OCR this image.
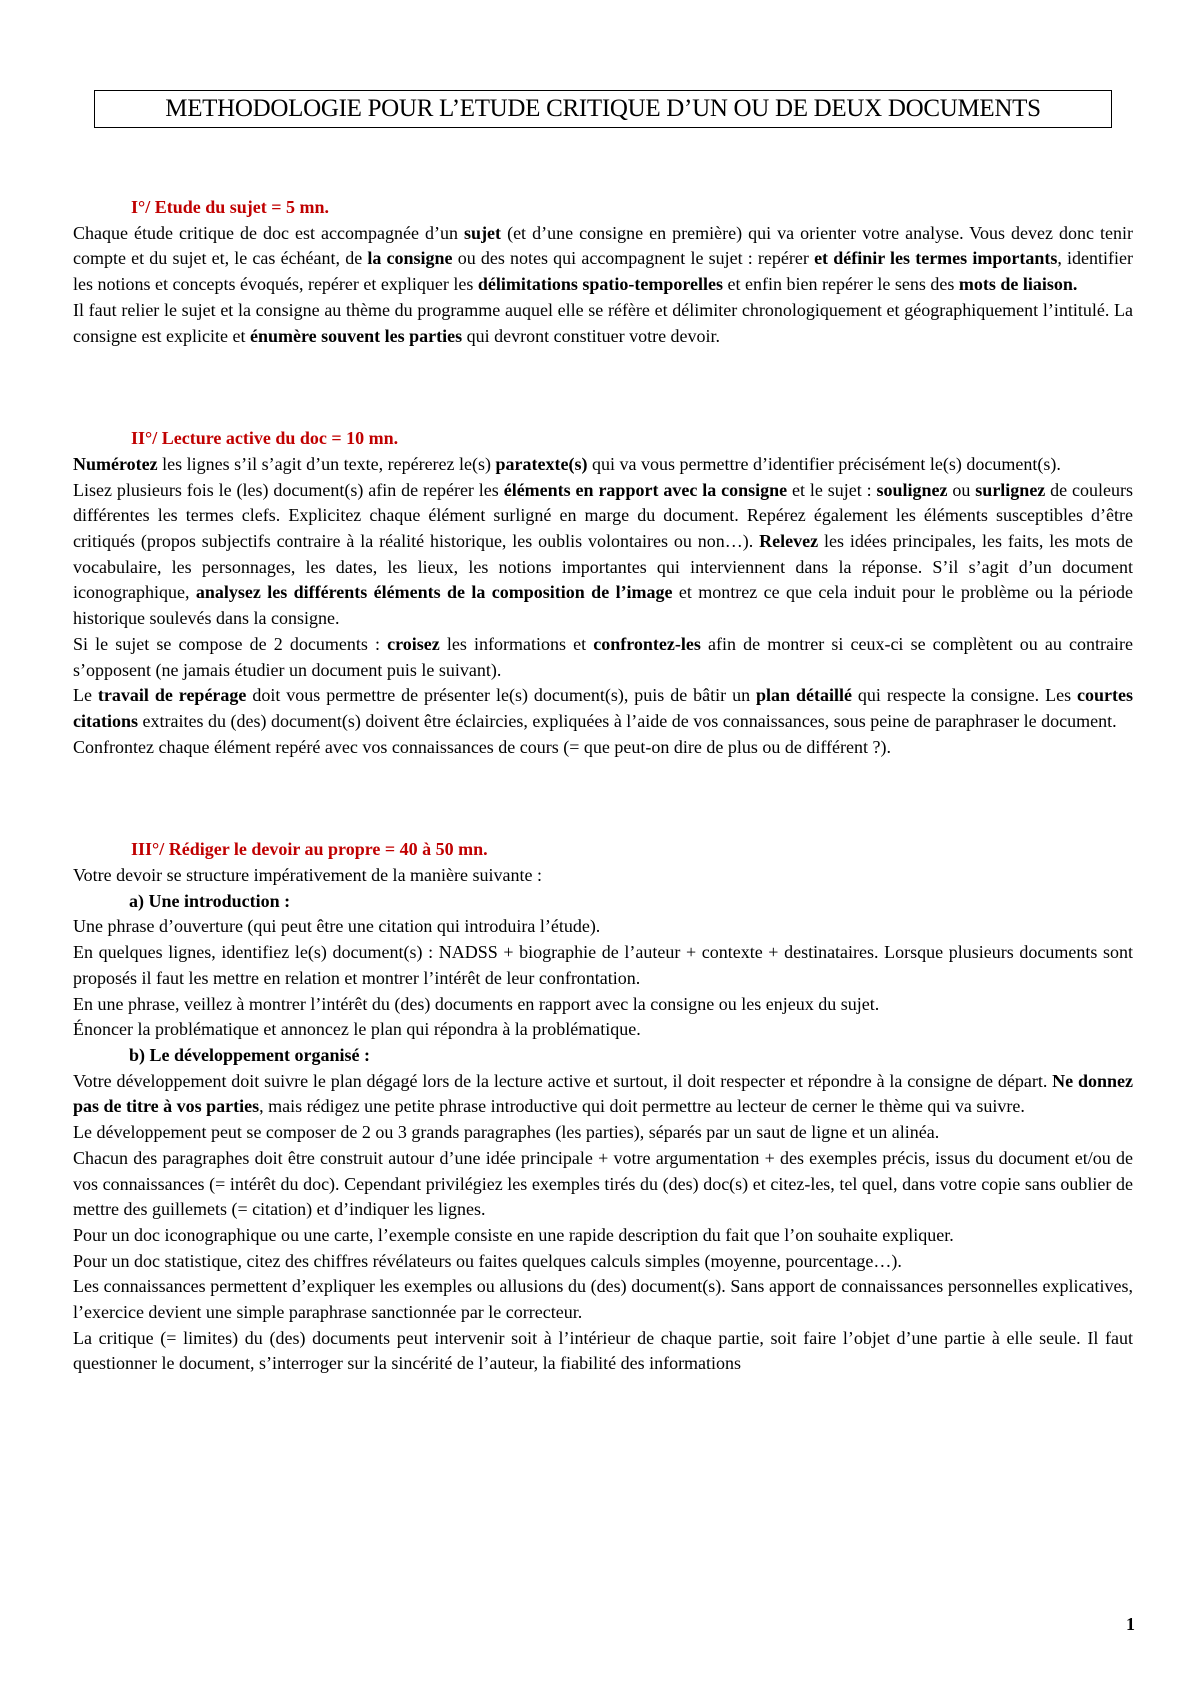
METHODOLOGIE POUR L’ETUDE CRITIQUE D’UN OU DE DEUX DOCUMENTS

I°/ Etude du sujet = 5 mn.

Chaque étude critique de doc est accompagnée d’un sujet (et d’une consigne en première) qui va orienter votre analyse. Vous devez donc tenir compte et du sujet et, le cas échéant, de la consigne ou des notes qui accompagnent le sujet : repérer et définir les termes importants, identifier les notions et concepts évoqués, repérer et expliquer les délimitations spatio-temporelles et enfin bien repérer le sens des mots de liaison.

Il faut relier le sujet et la consigne au thème du programme auquel elle se réfère et délimiter chronologiquement et géographiquement l’intitulé. La consigne est explicite et énumère souvent les parties qui devront constituer votre devoir.

II°/ Lecture active du doc = 10 mn.

Numérotez les lignes s’il s’agit d’un texte, repérerez le(s) paratexte(s) qui va vous permettre d’identifier précisément le(s) document(s).

Lisez plusieurs fois le (les) document(s) afin de repérer les éléments en rapport avec la consigne et le sujet : soulignez ou surlignez de couleurs différentes les termes clefs. Explicitez chaque élément surligné en marge du document. Repérez également les éléments susceptibles d’être critiqués (propos subjectifs contraire à la réalité historique, les oublis volontaires ou non…). Relevez les idées principales, les faits, les mots de vocabulaire, les personnages, les dates, les lieux, les notions importantes qui interviennent dans la réponse. S’il s’agit d’un document iconographique, analysez les différents éléments de la composition de l’image et montrez ce que cela induit pour le problème ou la période historique soulevés dans la consigne.

Si le sujet se compose de 2 documents : croisez les informations et confrontez-les afin de montrer si ceux-ci se complètent ou au contraire s’opposent (ne jamais étudier un document puis le suivant).

Le travail de repérage doit vous permettre de présenter le(s) document(s), puis de bâtir un plan détaillé qui respecte la consigne. Les courtes citations extraites du (des) document(s) doivent être éclaircies, expliquées à l’aide de vos connaissances, sous peine de paraphraser le document.

Confrontez chaque élément repéré avec vos connaissances de cours (= que peut-on dire de plus ou de différent ?).

III°/ Rédiger le devoir au propre = 40 à 50 mn.

Votre devoir se structure impérativement de la manière suivante :

a) Une introduction :

Une phrase d’ouverture (qui peut être une citation qui introduira l’étude).

En quelques lignes, identifiez le(s) document(s) : NADSS + biographie de l’auteur + contexte + destinataires. Lorsque plusieurs documents sont proposés il faut les mettre en relation et montrer l’intérêt de leur confrontation.

En une phrase, veillez à montrer l’intérêt du (des) documents en rapport avec la consigne ou les enjeux du sujet.

Énoncer la problématique et annoncez le plan qui répondra à la problématique.

b) Le développement organisé :

Votre développement doit suivre le plan dégagé lors de la lecture active et surtout, il doit respecter et répondre à la consigne de départ. Ne donnez pas de titre à vos parties, mais rédigez une petite phrase introductive qui doit permettre au lecteur de cerner le thème qui va suivre.

Le développement peut se composer de 2 ou 3 grands paragraphes (les parties), séparés par un saut de ligne et un alinéa.

Chacun des paragraphes doit être construit autour d’une idée principale + votre argumentation + des exemples précis, issus du document et/ou de vos connaissances (= intérêt du doc). Cependant privilégiez les exemples tirés du (des) doc(s) et citez-les, tel quel, dans votre copie sans oublier de mettre des guillemets (= citation) et d’indiquer les lignes.

Pour un doc iconographique ou une carte, l’exemple consiste en une rapide description du fait que l’on souhaite expliquer.

Pour un doc statistique, citez des chiffres révélateurs ou faites quelques calculs simples (moyenne, pourcentage…).

Les connaissances permettent d’expliquer les exemples ou allusions du (des) document(s). Sans apport de connaissances personnelles explicatives, l’exercice devient une simple paraphrase sanctionnée par le correcteur.

La critique (= limites) du (des) documents peut intervenir soit à l’intérieur de chaque partie, soit faire l’objet d’une partie à elle seule. Il faut questionner le document, s’interroger sur la sincérité de l’auteur, la fiabilité des informations

1
